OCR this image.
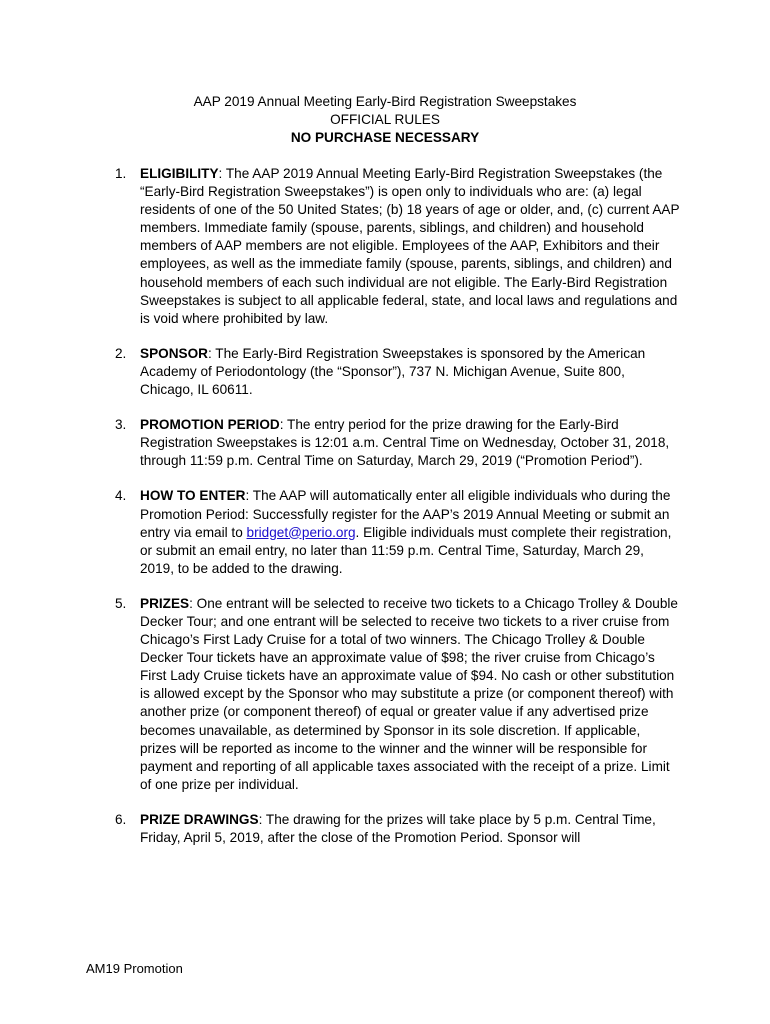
AAP 2019 Annual Meeting Early-Bird Registration Sweepstakes
OFFICIAL RULES
NO PURCHASE NECESSARY
1. ELIGIBILITY: The AAP 2019 Annual Meeting Early-Bird Registration Sweepstakes (the “Early-Bird Registration Sweepstakes”) is open only to individuals who are: (a) legal residents of one of the 50 United States; (b) 18 years of age or older, and, (c) current AAP members. Immediate family (spouse, parents, siblings, and children) and household members of AAP members are not eligible. Employees of the AAP, Exhibitors and their employees, as well as the immediate family (spouse, parents, siblings, and children) and household members of each such individual are not eligible. The Early-Bird Registration Sweepstakes is subject to all applicable federal, state, and local laws and regulations and is void where prohibited by law.
2. SPONSOR: The Early-Bird Registration Sweepstakes is sponsored by the American Academy of Periodontology (the “Sponsor”), 737 N. Michigan Avenue, Suite 800, Chicago, IL 60611.
3. PROMOTION PERIOD: The entry period for the prize drawing for the Early-Bird Registration Sweepstakes is 12:01 a.m. Central Time on Wednesday, October 31, 2018, through 11:59 p.m. Central Time on Saturday, March 29, 2019 (“Promotion Period”).
4. HOW TO ENTER: The AAP will automatically enter all eligible individuals who during the Promotion Period: Successfully register for the AAP’s 2019 Annual Meeting or submit an entry via email to bridget@perio.org. Eligible individuals must complete their registration, or submit an email entry, no later than 11:59 p.m. Central Time, Saturday, March 29, 2019, to be added to the drawing.
5. PRIZES: One entrant will be selected to receive two tickets to a Chicago Trolley & Double Decker Tour; and one entrant will be selected to receive two tickets to a river cruise from Chicago’s First Lady Cruise for a total of two winners. The Chicago Trolley & Double Decker Tour tickets have an approximate value of $98; the river cruise from Chicago’s First Lady Cruise tickets have an approximate value of $94. No cash or other substitution is allowed except by the Sponsor who may substitute a prize (or component thereof) with another prize (or component thereof) of equal or greater value if any advertised prize becomes unavailable, as determined by Sponsor in its sole discretion. If applicable, prizes will be reported as income to the winner and the winner will be responsible for payment and reporting of all applicable taxes associated with the receipt of a prize. Limit of one prize per individual.
6. PRIZE DRAWINGS: The drawing for the prizes will take place by 5 p.m. Central Time, Friday, April 5, 2019, after the close of the Promotion Period. Sponsor will
AM19 Promotion
